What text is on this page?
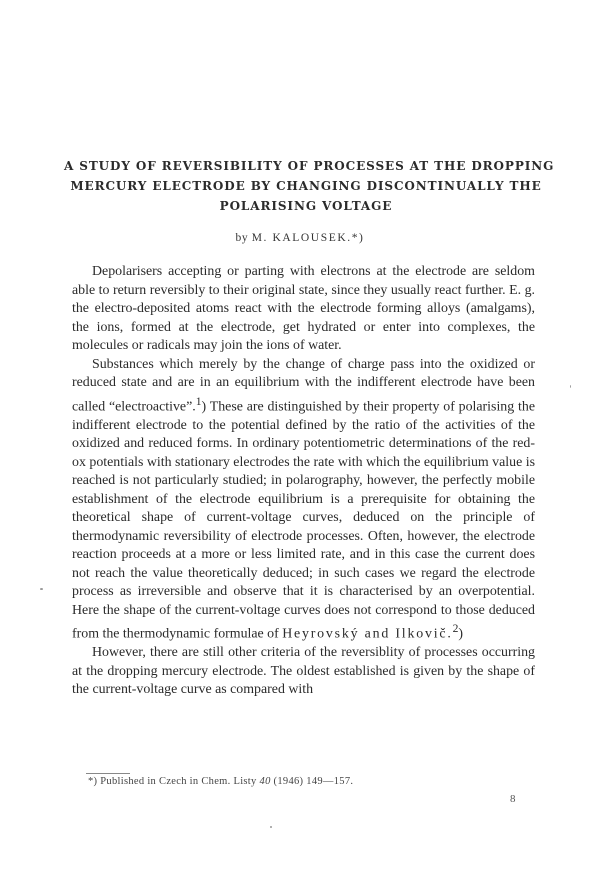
A STUDY OF REVERSIBILITY OF PROCESSES AT THE DROPPING
MERCURY ELECTRODE BY CHANGING DISCONTINUALLY THE
POLARISING VOLTAGE
by M. KALOUSEK.*)

Depolarisers accepting or parting with electrons at the electrode are seldom able to return reversibly to their original state, since they usually react further. E. g. the electro-deposited atoms react with the electrode forming alloys (amalgams), the ions, formed at the electrode, get hydrated or enter into complexes, the molecules or radicals may join the ions of water.

Substances which merely by the change of charge pass into the oxidized or reduced state and are in an equilibrium with the indifferent electrode have been called “electroactive”.$^1$) These are distinguished by their property of polarising the indifferent electrode to the potential defined by the ratio of the activities of the oxidized and reduced forms. In ordinary potentiometric determinations of the red-ox potentials with stationary electrodes the rate with which the equilibrium value is reached is not particularly studied; in polarography, however, the perfectly mobile establishment of the electrode equilibrium is a prerequisite for obtaining the theoretical shape of current-voltage curves, deduced on the principle of thermodynamic reversibility of electrode processes. Often, however, the electrode reaction proceeds at a more or less limited rate, and in this case the current does not reach the value theoretically deduced; in such cases we regard the electrode process as irreversible and observe that it is characterised by an overpotential. Here the shape of the current-voltage curves does not correspond to those deduced from the thermodynamic formulae of Heyrovský and Ilkovič.$^2$)

However, there are still other criteria of the reversiblity of processes occurring at the dropping mercury electrode. The oldest established is given by the shape of the current-voltage curve as compared with

*) Published in Czech in Chem. Listy 40 (1946) 149—157.
8
